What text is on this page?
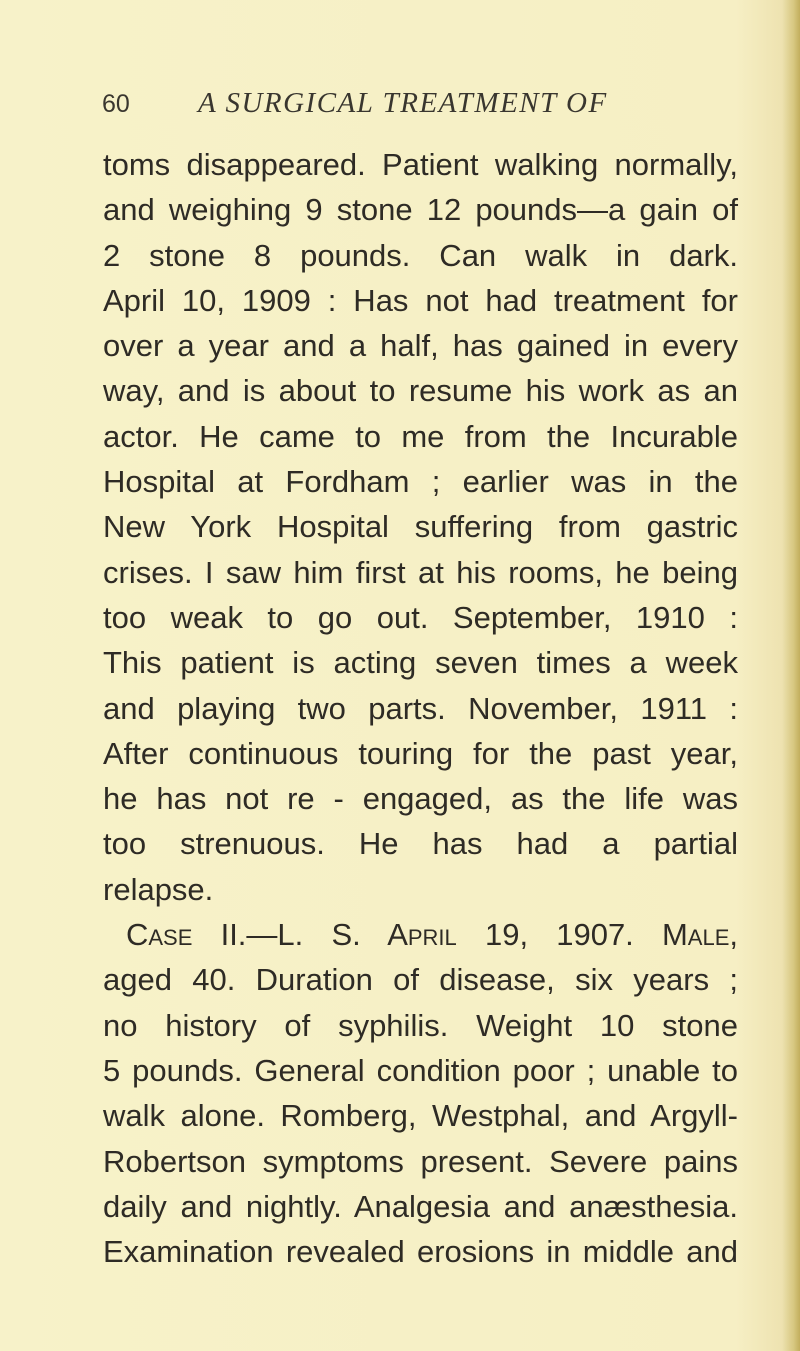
60	A SURGICAL TREATMENT OF
toms disappeared. Patient walking normally,
and weighing 9 stone 12 pounds—a gain of
2 stone 8 pounds. Can walk in dark.
April 10, 1909 : Has not had treatment for
over a year and a half, has gained in every
way, and is about to resume his work as an
actor. He came to me from the Incurable
Hospital at Fordham ; earlier was in the
New York Hospital suffering from gastric
crises. I saw him first at his rooms, he being
too weak to go out. September, 1910 :
This patient is acting seven times a week
and playing two parts. November, 1911 :
After continuous touring for the past year,
he has not re - engaged, as the life was
too strenuous. He has had a partial
relapse.
Case II.—L. S. April 19, 1907. Male,
aged 40. Duration of disease, six years ;
no history of syphilis. Weight 10 stone
5 pounds. General condition poor ; unable to
walk alone. Romberg, Westphal, and Argyll-
Robertson symptoms present. Severe pains
daily and nightly. Analgesia and anæsthesia.
Examination revealed erosions in middle and
